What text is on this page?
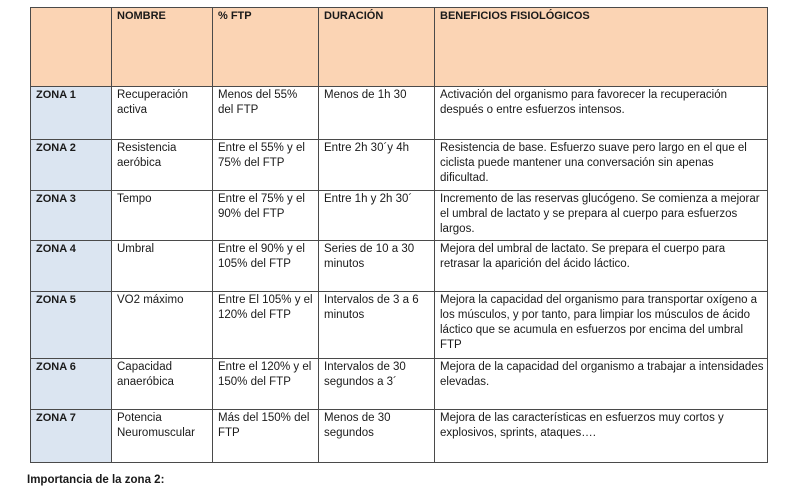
	NOMBRE	% FTP	DURACIÓN	BENEFICIOS FISIOLÓGICOS
ZONA 1	Recuperación activa	Menos del 55% del FTP	Menos de 1h 30	Activación del organismo para favorecer la recuperación después o entre esfuerzos intensos.
ZONA 2	Resistencia aeróbica	Entre el 55% y el 75% del FTP	Entre 2h 30´y 4h	Resistencia de base. Esfuerzo suave pero largo en el que el ciclista puede mantener una conversación sin apenas dificultad.
ZONA 3	Tempo	Entre el 75% y el 90% del FTP	Entre 1h y 2h 30´	Incremento de las reservas glucógeno. Se comienza a mejorar el umbral de lactato y se prepara al cuerpo para esfuerzos largos.
ZONA 4	Umbral	Entre el 90% y el 105% del FTP	Series de 10 a 30 minutos	Mejora del umbral de lactato. Se prepara el cuerpo para retrasar la aparición del ácido láctico.
ZONA 5	VO2 máximo	Entre El 105% y el 120% del FTP	Intervalos de 3 a 6 minutos	Mejora la capacidad del organismo para transportar oxígeno a los músculos, y por tanto, para limpiar los músculos de ácido láctico que se acumula en esfuerzos por encima del umbral FTP
ZONA 6	Capacidad anaeróbica	Entre el 120% y el 150% del FTP	Intervalos de 30 segundos a 3´	Mejora de la capacidad del organismo a trabajar a intensidades elevadas.
ZONA 7	Potencia Neuromuscular	Más del 150% del FTP	Menos de 30 segundos	Mejora de las características en esfuerzos muy cortos y explosivos, sprints, ataques….

Importancia de la zona 2:
